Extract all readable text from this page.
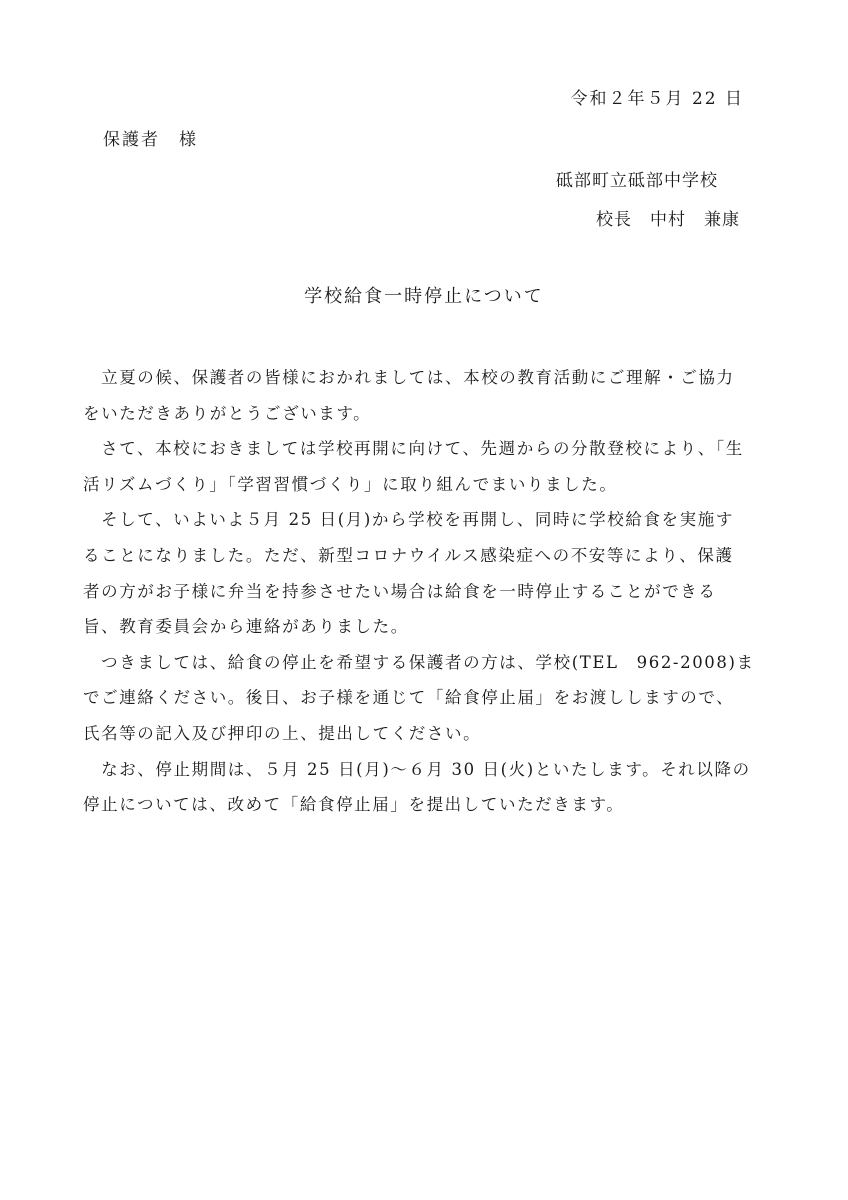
令和２年５月 22 日
保護者　様
砥部町立砥部中学校
校長　中村　兼康
学校給食一時停止について
　立夏の候、保護者の皆様におかれましては、本校の教育活動にご理解・ご協力
をいただきありがとうございます。
　さて、本校におきましては学校再開に向けて、先週からの分散登校により、「生
活リズムづくり」「学習習慣づくり」に取り組んでまいりました。
　そして、いよいよ５月 25 日(月)から学校を再開し、同時に学校給食を実施す
ることになりました。ただ、新型コロナウイルス感染症への不安等により、保護
者の方がお子様に弁当を持参させたい場合は給食を一時停止することができる
旨、教育委員会から連絡がありました。
　つきましては、給食の停止を希望する保護者の方は、学校(TEL　962-2008)ま
でご連絡ください。後日、お子様を通じて「給食停止届」をお渡ししますので、
氏名等の記入及び押印の上、提出してください。
　なお、停止期間は、５月 25 日(月)～６月 30 日(火)といたします。それ以降の
停止については、改めて「給食停止届」を提出していただきます。
